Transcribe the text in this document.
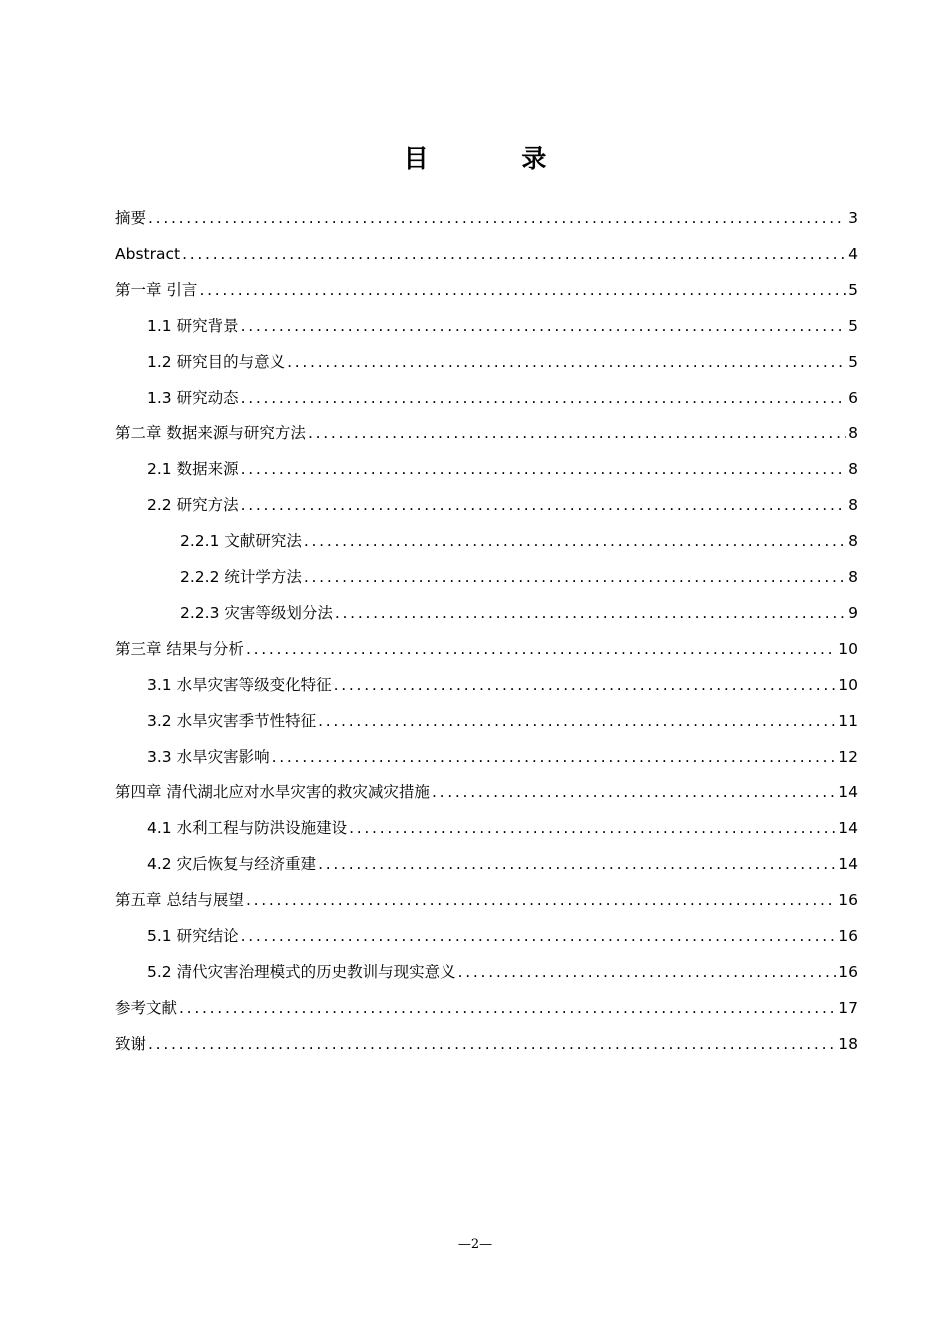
目 录
摘要 . . .	3
Abstract . . .	4
第一章 引言 . . .	5
1.1 研究背景 . . .	5
1.2 研究目的与意义 . . .	5
1.3 研究动态 . . .	6
第二章 数据来源与研究方法 . . .	8
2.1 数据来源 . . .	8
2.2 研究方法 . . .	8
2.2.1 文献研究法 . . .	8
2.2.2 统计学方法 . . .	8
2.2.3 灾害等级划分法 . . .	9
第三章 结果与分析 . . .	10
3.1 水旱灾害等级变化特征 . . .	10
3.2 水旱灾害季节性特征 . . .	11
3.3 水旱灾害影响 . . .	12
第四章 清代湖北应对水旱灾害的救灾减灾措施 . . .	14
4.1 水利工程与防洪设施建设 . . .	14
4.2 灾后恢复与经济重建 . . .	14
第五章 总结与展望 . . .	16
5.1 研究结论 . . .	16
5.2 清代灾害治理模式的历史教训与现实意义 . . .	16
参考文献 . . .	17
致谢 . . .	18
—2—
